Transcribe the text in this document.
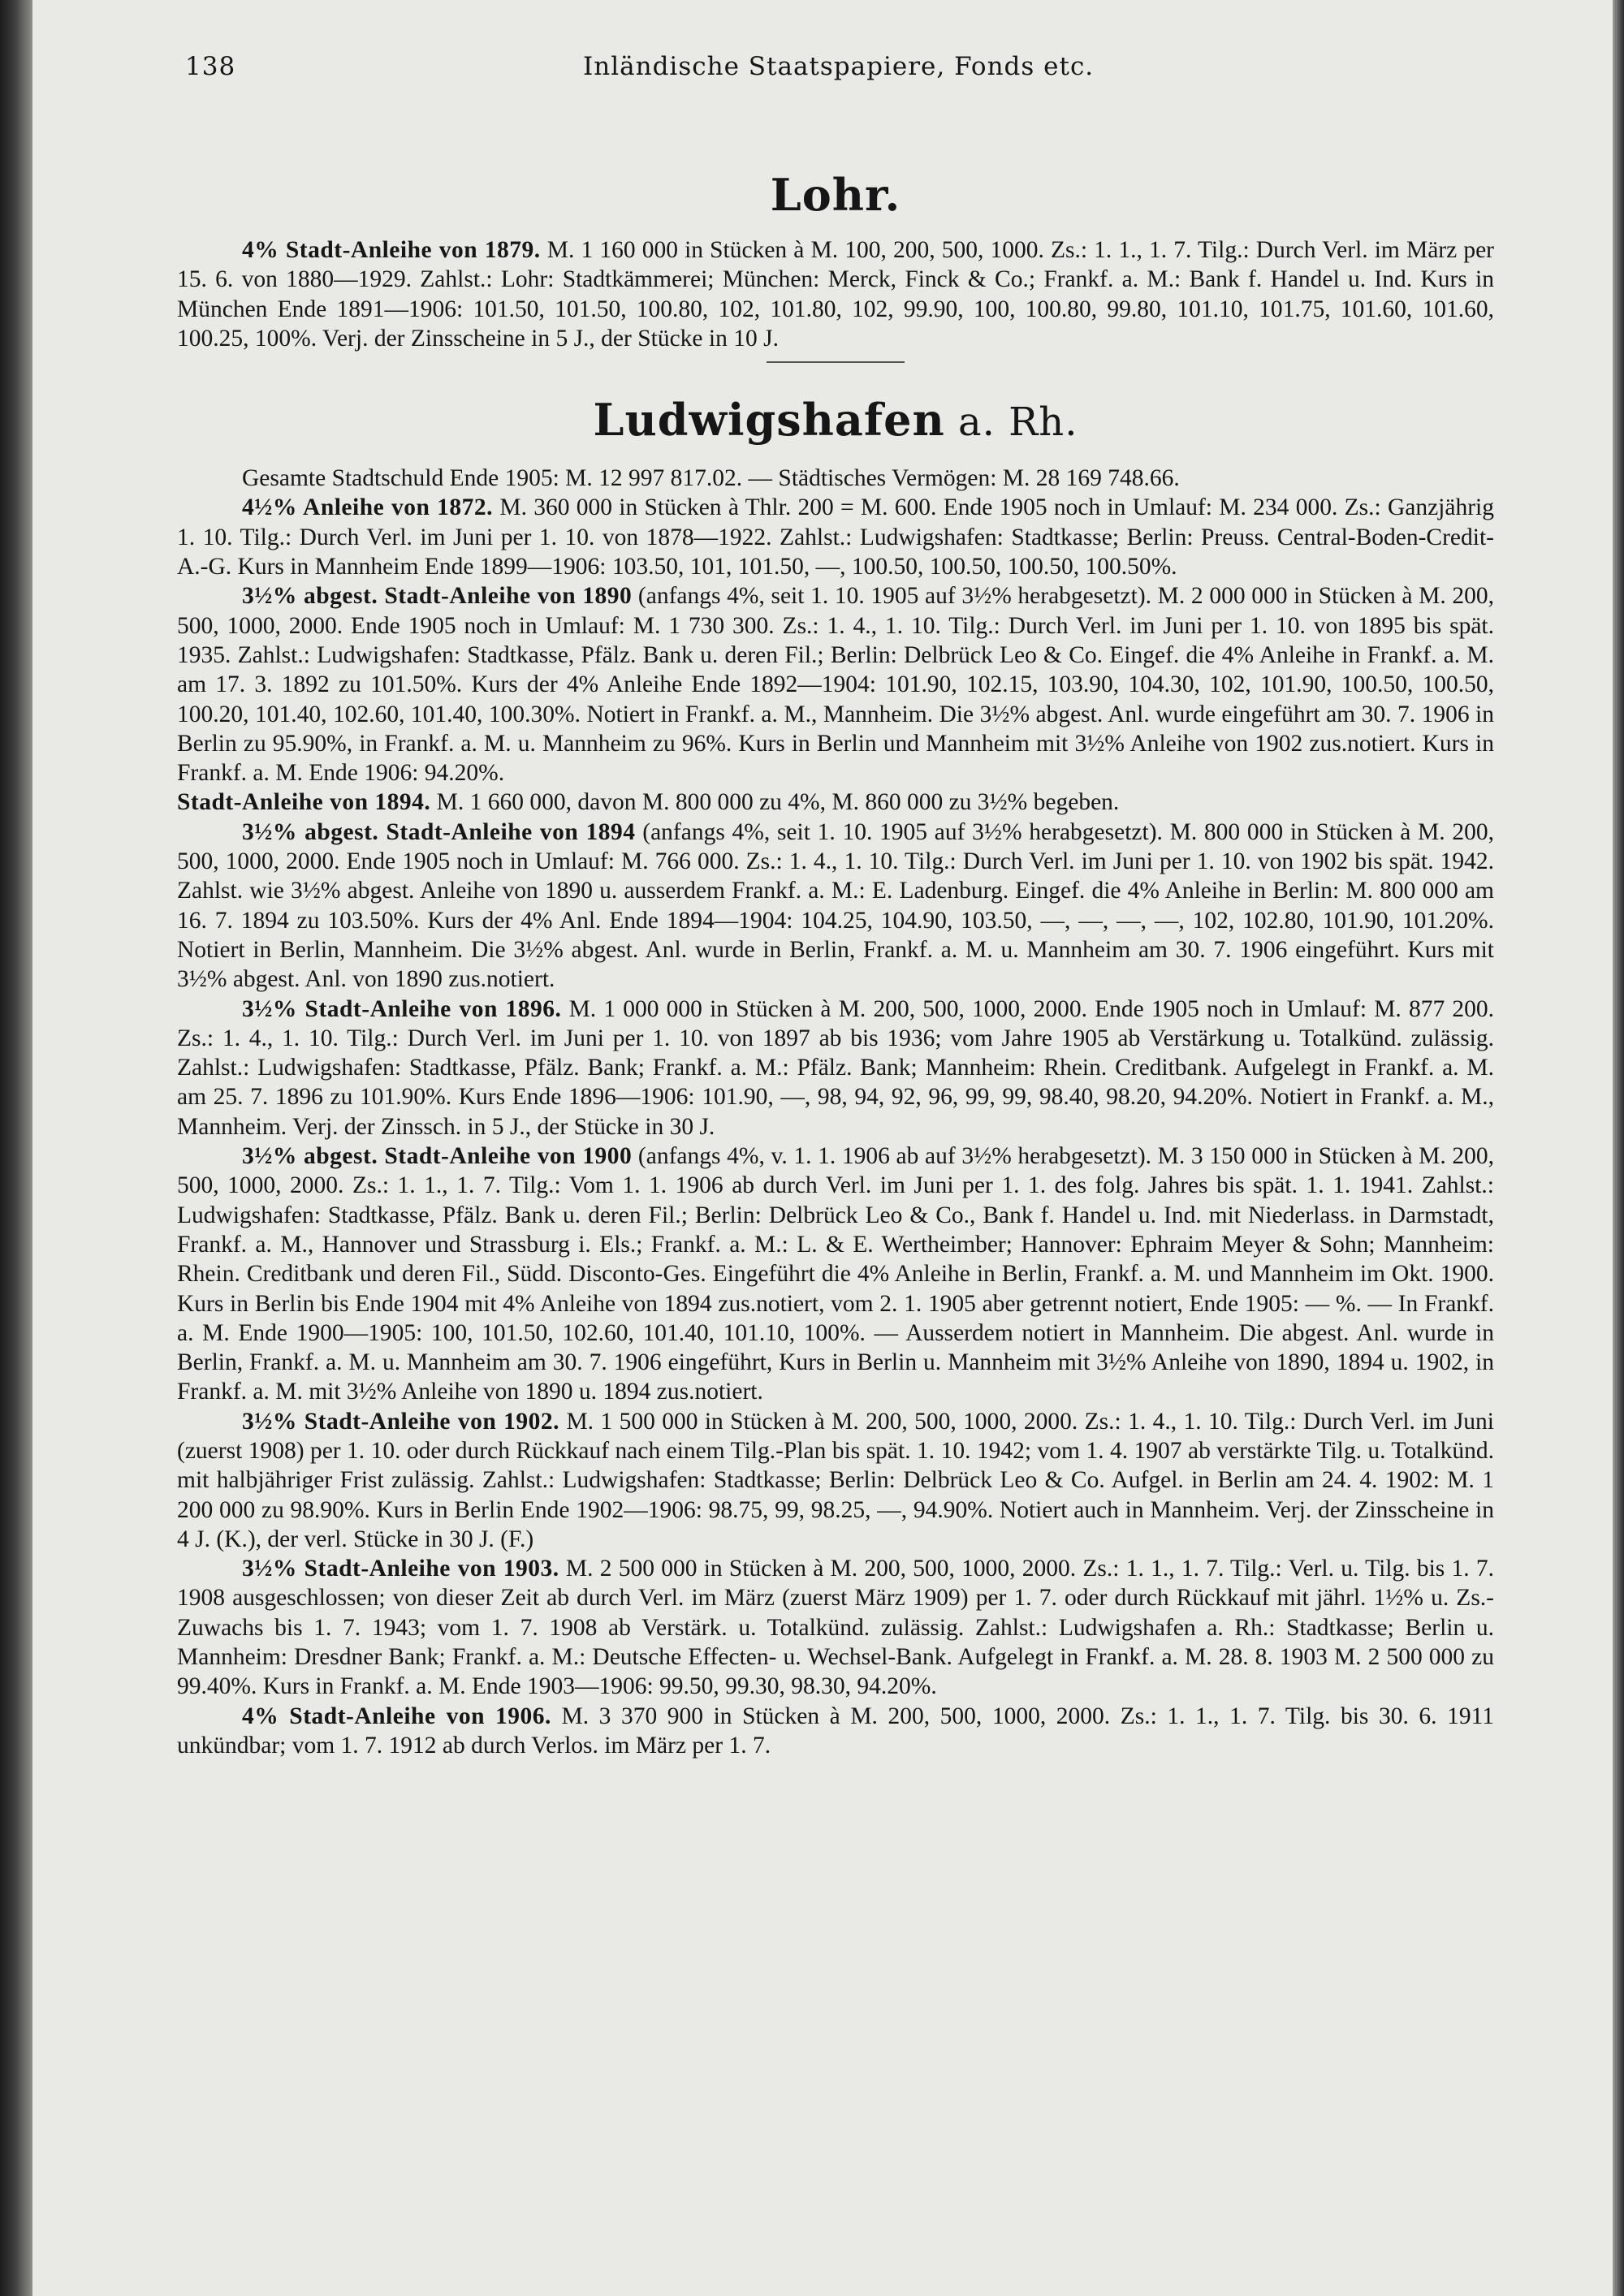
138	Inländische Staatspapiere, Fonds etc.
Lohr.

4% Stadt-Anleihe von 1879. M. 1 160 000 in Stücken à M. 100, 200, 500, 1000. Zs.: 1. 1., 1. 7. Tilg.: Durch Verl. im März per 15. 6. von 1880—1929. Zahlst.: Lohr: Stadtkämmerei; München: Merck, Finck & Co.; Frankf. a. M.: Bank f. Handel u. Ind. Kurs in München Ende 1891—1906: 101.50, 101.50, 100.80, 102, 101.80, 102, 99.90, 100, 100.80, 99.80, 101.10, 101.75, 101.60, 101.60, 100.25, 100%. Verj. der Zinsscheine in 5 J., der Stücke in 10 J.

Ludwigshafen a. Rh.

Gesamte Stadtschuld Ende 1905: M. 12 997 817.02. — Städtisches Vermögen: M. 28 169 748.66.

4½% Anleihe von 1872. M. 360 000 in Stücken à Thlr. 200 = M. 600. Ende 1905 noch in Umlauf: M. 234 000. Zs.: Ganzjährig 1. 10. Tilg.: Durch Verl. im Juni per 1. 10. von 1878—1922. Zahlst.: Ludwigshafen: Stadtkasse; Berlin: Preuss. Central-Boden-Credit-A.-G. Kurs in Mannheim Ende 1899—1906: 103.50, 101, 101.50, —, 100.50, 100.50, 100.50, 100.50%.

3½% abgest. Stadt-Anleihe von 1890 (anfangs 4%, seit 1. 10. 1905 auf 3½% herabgesetzt). M. 2 000 000 in Stücken à M. 200, 500, 1000, 2000. Ende 1905 noch in Umlauf: M. 1 730 300. Zs.: 1. 4., 1. 10. Tilg.: Durch Verl. im Juni per 1. 10. von 1895 bis spät. 1935. Zahlst.: Ludwigshafen: Stadtkasse, Pfälz. Bank u. deren Fil.; Berlin: Delbrück Leo & Co. Eingef. die 4% Anleihe in Frankf. a. M. am 17. 3. 1892 zu 101.50%. Kurs der 4% Anleihe Ende 1892—1904: 101.90, 102.15, 103.90, 104.30, 102, 101.90, 100.50, 100.50, 100.20, 101.40, 102.60, 101.40, 100.30%. Notiert in Frankf. a. M., Mannheim. Die 3½% abgest. Anl. wurde eingeführt am 30. 7. 1906 in Berlin zu 95.90%, in Frankf. a. M. u. Mannheim zu 96%. Kurs in Berlin und Mannheim mit 3½% Anleihe von 1902 zus.notiert. Kurs in Frankf. a. M. Ende 1906: 94.20%.

Stadt-Anleihe von 1894. M. 1 660 000, davon M. 800 000 zu 4%, M. 860 000 zu 3½% begeben.

3½% abgest. Stadt-Anleihe von 1894 (anfangs 4%, seit 1. 10. 1905 auf 3½% herabgesetzt). M. 800 000 in Stücken à M. 200, 500, 1000, 2000. Ende 1905 noch in Umlauf: M. 766 000. Zs.: 1. 4., 1. 10. Tilg.: Durch Verl. im Juni per 1. 10. von 1902 bis spät. 1942. Zahlst. wie 3½% abgest. Anleihe von 1890 u. ausserdem Frankf. a. M.: E. Ladenburg. Eingef. die 4% Anleihe in Berlin: M. 800 000 am 16. 7. 1894 zu 103.50%. Kurs der 4% Anl. Ende 1894—1904: 104.25, 104.90, 103.50, —, —, —, —, 102, 102.80, 101.90, 101.20%. Notiert in Berlin, Mannheim. Die 3½% abgest. Anl. wurde in Berlin, Frankf. a. M. u. Mannheim am 30. 7. 1906 eingeführt. Kurs mit 3½% abgest. Anl. von 1890 zus.notiert.

3½% Stadt-Anleihe von 1896. M. 1 000 000 in Stücken à M. 200, 500, 1000, 2000. Ende 1905 noch in Umlauf: M. 877 200. Zs.: 1. 4., 1. 10. Tilg.: Durch Verl. im Juni per 1. 10. von 1897 ab bis 1936; vom Jahre 1905 ab Verstärkung u. Totalkünd. zulässig. Zahlst.: Ludwigshafen: Stadtkasse, Pfälz. Bank; Frankf. a. M.: Pfälz. Bank; Mannheim: Rhein. Creditbank. Aufgelegt in Frankf. a. M. am 25. 7. 1896 zu 101.90%. Kurs Ende 1896—1906: 101.90, —, 98, 94, 92, 96, 99, 99, 98.40, 98.20, 94.20%. Notiert in Frankf. a. M., Mannheim. Verj. der Zinssch. in 5 J., der Stücke in 30 J.

3½% abgest. Stadt-Anleihe von 1900 (anfangs 4%, v. 1. 1. 1906 ab auf 3½% herabgesetzt). M. 3 150 000 in Stücken à M. 200, 500, 1000, 2000. Zs.: 1. 1., 1. 7. Tilg.: Vom 1. 1. 1906 ab durch Verl. im Juni per 1. 1. des folg. Jahres bis spät. 1. 1. 1941. Zahlst.: Ludwigshafen: Stadtkasse, Pfälz. Bank u. deren Fil.; Berlin: Delbrück Leo & Co., Bank f. Handel u. Ind. mit Niederlass. in Darmstadt, Frankf. a. M., Hannover und Strassburg i. Els.; Frankf. a. M.: L. & E. Wertheimber; Hannover: Ephraim Meyer & Sohn; Mannheim: Rhein. Creditbank und deren Fil., Südd. Disconto-Ges. Eingeführt die 4% Anleihe in Berlin, Frankf. a. M. und Mannheim im Okt. 1900. Kurs in Berlin bis Ende 1904 mit 4% Anleihe von 1894 zus.notiert, vom 2. 1. 1905 aber getrennt notiert, Ende 1905: — %. — In Frankf. a. M. Ende 1900—1905: 100, 101.50, 102.60, 101.40, 101.10, 100%. — Ausserdem notiert in Mannheim. Die abgest. Anl. wurde in Berlin, Frankf. a. M. u. Mannheim am 30. 7. 1906 eingeführt, Kurs in Berlin u. Mannheim mit 3½% Anleihe von 1890, 1894 u. 1902, in Frankf. a. M. mit 3½% Anleihe von 1890 u. 1894 zus.notiert.

3½% Stadt-Anleihe von 1902. M. 1 500 000 in Stücken à M. 200, 500, 1000, 2000. Zs.: 1. 4., 1. 10. Tilg.: Durch Verl. im Juni (zuerst 1908) per 1. 10. oder durch Rückkauf nach einem Tilg.-Plan bis spät. 1. 10. 1942; vom 1. 4. 1907 ab verstärkte Tilg. u. Totalkünd. mit halbjähriger Frist zulässig. Zahlst.: Ludwigshafen: Stadtkasse; Berlin: Delbrück Leo & Co. Aufgel. in Berlin am 24. 4. 1902: M. 1 200 000 zu 98.90%. Kurs in Berlin Ende 1902—1906: 98.75, 99, 98.25, —, 94.90%. Notiert auch in Mannheim. Verj. der Zinsscheine in 4 J. (K.), der verl. Stücke in 30 J. (F.)

3½% Stadt-Anleihe von 1903. M. 2 500 000 in Stücken à M. 200, 500, 1000, 2000. Zs.: 1. 1., 1. 7. Tilg.: Verl. u. Tilg. bis 1. 7. 1908 ausgeschlossen; von dieser Zeit ab durch Verl. im März (zuerst März 1909) per 1. 7. oder durch Rückkauf mit jährl. 1½% u. Zs.-Zuwachs bis 1. 7. 1943; vom 1. 7. 1908 ab Verstärk. u. Totalkünd. zulässig. Zahlst.: Ludwigshafen a. Rh.: Stadtkasse; Berlin u. Mannheim: Dresdner Bank; Frankf. a. M.: Deutsche Effecten- u. Wechsel-Bank. Aufgelegt in Frankf. a. M. 28. 8. 1903 M. 2 500 000 zu 99.40%. Kurs in Frankf. a. M. Ende 1903—1906: 99.50, 99.30, 98.30, 94.20%.

4% Stadt-Anleihe von 1906. M. 3 370 900 in Stücken à M. 200, 500, 1000, 2000. Zs.: 1. 1., 1. 7. Tilg. bis 30. 6. 1911 unkündbar; vom 1. 7. 1912 ab durch Verlos. im März per 1. 7.
